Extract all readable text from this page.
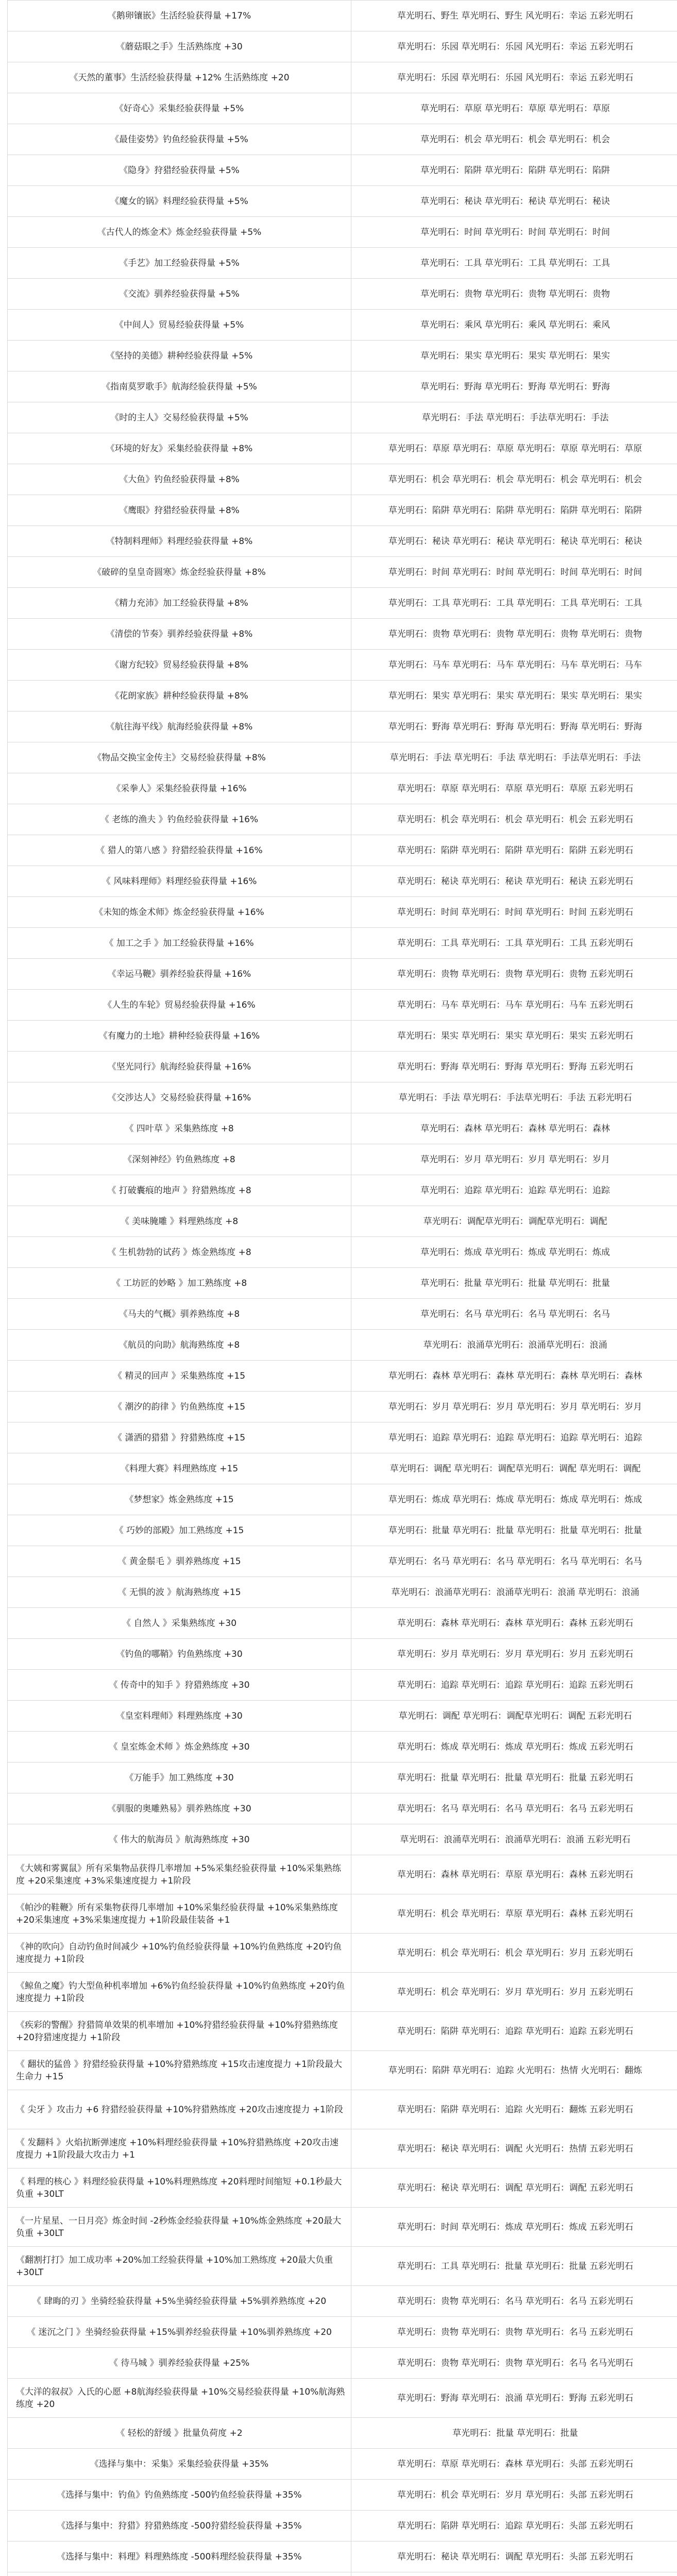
《鹅卵镶嵌》生活经验获得量 +17%	草光明石、野生 草光明石、野生 风光明石：幸运 五彩光明石
《蘑菇眼之手》生活熟练度 +30	草光明石：乐园 草光明石：乐园 风光明石：幸运 五彩光明石
《天然的董事》生活经验获得量 +12% 生活熟练度 +20	草光明石：乐园 草光明石：乐园 风光明石：幸运 五彩光明石
《好奇心》采集经验获得量 +5%	草光明石：草原 草光明石：草原 草光明石：草原
《最佳姿势》钓鱼经验获得量 +5%	草光明石：机会 草光明石：机会 草光明石：机会
《隐身》狩猎经验获得量 +5%	草光明石：陷阱 草光明石：陷阱 草光明石：陷阱
《魔女的锅》料理经验获得量 +5%	草光明石：秘诀 草光明石：秘诀 草光明石：秘诀
《古代人的炼金术》炼金经验获得量 +5%	草光明石：时间 草光明石：时间 草光明石：时间
《手艺》加工经验获得量 +5%	草光明石：工具 草光明石：工具 草光明石：工具
《交流》驯养经验获得量 +5%	草光明石：贵物 草光明石：贵物 草光明石：贵物
《中间人》贸易经验获得量 +5%	草光明石：乘风 草光明石：乘风 草光明石：乘风
《坚持的美德》耕种经验获得量 +5%	草光明石：果实 草光明石：果实 草光明石：果实
《指南莫罗歌手》航海经验获得量 +5%	草光明石：野海 草光明石：野海 草光明石：野海
《时的主人》交易经验获得量 +5%	草光明石：手法 草光明石：手法草光明石：手法
《环境的好友》采集经验获得量 +8%	草光明石：草原 草光明石：草原 草光明石：草原 草光明石：草原
《大鱼》钓鱼经验获得量 +8%	草光明石：机会 草光明石：机会 草光明石：机会 草光明石：机会
《鹰眼》狩猎经验获得量 +8%	草光明石：陷阱 草光明石：陷阱 草光明石：陷阱 草光明石：陷阱
《特制料理师》料理经验获得量 +8%	草光明石：秘诀 草光明石：秘诀 草光明石：秘诀 草光明石：秘诀
《破碎的皇皇奇圆寒》炼金经验获得量 +8%	草光明石：时间 草光明石：时间 草光明石：时间 草光明石：时间
《精力充沛》加工经验获得量 +8%	草光明石：工具 草光明石：工具 草光明石：工具 草光明石：工具
《清偿的节奏》驯养经验获得量 +8%	草光明石：贵物 草光明石：贵物 草光明石：贵物 草光明石：贵物
《谢方纪较》贸易经验获得量 +8%	草光明石：马车 草光明石：马车 草光明石：马车 草光明石：马车
《花朗家族》耕种经验获得量 +8%	草光明石：果实 草光明石：果实 草光明石：果实 草光明石：果实
《航往海平线》航海经验获得量 +8%	草光明石：野海 草光明石：野海 草光明石：野海 草光明石：野海
《物品交换宝金传主》交易经验获得量 +8%	草光明石：手法 草光明石：手法 草光明石：手法草光明石：手法
《采拳人》采集经验获得量 +16%	草光明石：草原 草光明石：草原 草光明石：草原 五彩光明石
《 老练的渔夫 》钓鱼经验获得量 +16%	草光明石：机会 草光明石：机会 草光明石：机会 五彩光明石
《 猎人的第八感 》狩猎经验获得量 +16%	草光明石：陷阱 草光明石：陷阱 草光明石：陷阱 五彩光明石
《 风味料理师》料理经验获得量 +16%	草光明石：秘诀 草光明石：秘诀 草光明石：秘诀 五彩光明石
《未知的炼金术师》炼金经验获得量 +16%	草光明石：时间 草光明石：时间 草光明石：时间 五彩光明石
《 加工之手 》加工经验获得量 +16%	草光明石：工具 草光明石：工具 草光明石：工具 五彩光明石
《幸运马鞭》驯养经验获得量 +16%	草光明石：贵物 草光明石：贵物 草光明石：贵物 五彩光明石
《人生的车轮》贸易经验获得量 +16%	草光明石：马车 草光明石：马车 草光明石：马车 五彩光明石
《有魔力的土地》耕种经验获得量 +16%	草光明石：果实 草光明石：果实 草光明石：果实 五彩光明石
《坚光同行》航海经验获得量 +16%	草光明石：野海 草光明石：野海 草光明石：野海 五彩光明石
《交涉达人》交易经验获得量 +16%	草光明石：手法 草光明石：手法草光明石：手法 五彩光明石
《 四叶草 》采集熟练度 +8	草光明石：森林 草光明石：森林 草光明石：森林
《深刻神经》钓鱼熟练度 +8	草光明石：岁月 草光明石：岁月 草光明石：岁月
《 打破囊痕的地声 》狩猎熟练度 +8	草光明石：追踪 草光明石：追踪 草光明石：追踪
《 美味腌雕 》料理熟练度 +8	草光明石：调配草光明石：调配草光明石：调配
《 生机勃勃的试药 》炼金熟练度 +8	草光明石：炼成 草光明石：炼成 草光明石：炼成
《 工坊匠的妙略 》加工熟练度 +8	草光明石：批量 草光明石：批量 草光明石：批量
《马夫的气概》驯养熟练度 +8	草光明石：名马 草光明石：名马 草光明石：名马
《航员的向助》航海熟练度 +8	草光明石：浪涌草光明石：浪涌草光明石：浪涌
《 精灵的回声 》采集熟练度 +15	草光明石：森林 草光明石：森林 草光明石：森林 草光明石：森林
《 潮汐的韵律 》钓鱼熟练度 +15	草光明石：岁月 草光明石：岁月 草光明石：岁月 草光明石：岁月
《 潇洒的猎猎 》狩猎熟练度 +15	草光明石：追踪 草光明石：追踪 草光明石：追踪 草光明石：追踪
《料理大赛》料理熟练度 +15	草光明石：调配 草光明石：调配草光明石：调配 草光明石：调配
《梦想家》炼金熟练度 +15	草光明石：炼成 草光明石：炼成 草光明石：炼成 草光明石：炼成
《 巧妙的部殿》加工熟练度 +15	草光明石：批量 草光明石：批量 草光明石：批量 草光明石：批量
《 黄金鬃毛 》驯养熟练度 +15	草光明石：名马 草光明石：名马 草光明石：名马 草光明石：名马
《 无惧的波 》航海熟练度 +15	草光明石：浪涌草光明石：浪涌草光明石：浪涌 草光明石：浪涌
《 自然人 》采集熟练度 +30	草光明石：森林 草光明石：森林 草光明石：森林 五彩光明石
《钓鱼的哪鞘》钓鱼熟练度 +30	草光明石：岁月 草光明石：岁月 草光明石：岁月 五彩光明石
《 传奇中的知手 》狩猎熟练度 +30	草光明石：追踪 草光明石：追踪 草光明石：追踪 五彩光明石
《皇室料理师》料理熟练度 +30	草光明石：调配 草光明石：调配草光明石：调配 五彩光明石
《 皇室炼金术师 》炼金熟练度 +30	草光明石：炼成 草光明石：炼成 草光明石：炼成 五彩光明石
《万能手》加工熟练度 +30	草光明石：批量 草光明石：批量 草光明石：批量 五彩光明石
《驯服的奥雕熟易》驯养熟练度 +30	草光明石：名马 草光明石：名马 草光明石：名马 五彩光明石
《 伟大的航海员 》航海熟练度 +30	草光明石：浪涌草光明石：浪涌草光明石：浪涌 五彩光明石
《大姨和雾翼鼠》所有采集物品获得几率增加 +5%采集经验获得量 +10%采集熟练度 +20采集速度 +3%采集速度提力 +1阶段	草光明石：森林 草光明石：草原 草光明石：森林 五彩光明石
《帕沙的鞋鞭》所有采集物获得几率增加 +10%采集经验获得量 +10%采集熟练度 +20采集速度 +3%采集速度提力 +1阶段最佳装备 +1	草光明石：机会 草光明石：草原 草光明石：森林 五彩光明石
《神的吹向》自动钓鱼时间减少 +10%钓鱼经验获得量 +10%钓鱼熟练度 +20钓鱼速度提力 +1阶段	草光明石：机会 草光明石：机会 草光明石：岁月 五彩光明石
《鲸鱼之魔》钓大型鱼种机率增加 +6%钓鱼经验获得量 +10%钓鱼熟练度 +20钓鱼速度提力 +1阶段	草光明石：机会 草光明石：岁月 草光明石：岁月 五彩光明石
《疾彩的警醒》狩猎简单效果的机率增加 +10%狩猎经验获得量 +10%狩猎熟练度 +20狩猎速度提力 +1阶段	草光明石：陷阱 草光明石：追踪 草光明石：追踪 五彩光明石
《 翻状的猛兽 》狩猎经验获得量 +10%狩猎熟练度 +15攻击速度提力 +1阶段最大生命力 +15	草光明石：陷阱 草光明石：追踪 火光明石：热情 火光明石：翻炼
《 尖牙 》攻击力 +6 狩猎经验获得量 +10%狩猎熟练度 +20攻击速度提力 +1阶段	草光明石：陷阱 草光明石：追踪 火光明石：翻炼 五彩光明石
《 发翻料 》火焰抗断弹速度 +10%料理经验获得量 +10%狩猎熟练度 +20攻击速度提力 +1阶段最大攻击力 +1	草光明石：秘诀 草光明石：调配 火光明石：热情 五彩光明石
《 料理的核心 》料理经验获得量 +10%料理熟练度 +20料理时间缩短 +0.1秒最大负重 +30LT	草光明石：秘诀 草光明石：调配 草光明石：调配 五彩光明石
《一片星星、一日月亮》炼金时间 -2秒炼金经验获得量 +10%炼金熟练度 +20最大负重 +30LT	草光明石：时间 草光明石：炼成 草光明石：炼成 五彩光明石
《翻割打打》加工成功率 +20%加工经验获得量 +10%加工熟练度 +20最大负重 +30LT	草光明石：工具 草光明石：批量 草光明石：批量 五彩光明石
《 肆晦的刃 》坐骑经验获得量 +5%坐骑经验获得量 +5%驯养熟练度 +20	草光明石：贵物 草光明石：名马 草光明石：名马 五彩光明石
《 迷沉之门 》坐骑经验获得量 +15%驯养经验获得量 +10%驯养熟练度 +20	草光明石：贵物 草光明石：贵物 草光明石：名马 五彩光明石
《 待马城 》驯养经验获得量 +25%	草光明石：贵物 草光明石：贵物 草光明石：名马 名马光明石
《大洋的叙叔》入氏的心愿 +8航海经验获得量 +10%交易经验获得量 +10%航海熟练度 +20	草光明石：野海 草光明石：浪涌 草光明石：野海 五彩光明石
《 轻松的舒缓 》批量负荷度 +2	草光明石：批量 草光明石：批量
《选择与集中：采集》采集经验获得量 +35%	草光明石：草原 草光明石：森林 草光明石：头部 五彩光明石
《选择与集中：钓鱼》钓鱼熟练度 -500钓鱼经验获得量 +35%	草光明石：机会 草光明石：岁月 草光明石：头部 五彩光明石
《选择与集中：狩猎》狩猎熟练度 -500狩猎经验获得量 +35%	草光明石：陷阱 草光明石：追踪 草光明石：头部 五彩光明石
《选择与集中：料理》料理熟练度 -500料理经验获得量 +35%	草光明石：秘诀 草光明石：调配 草光明石：头部 五彩光明石
